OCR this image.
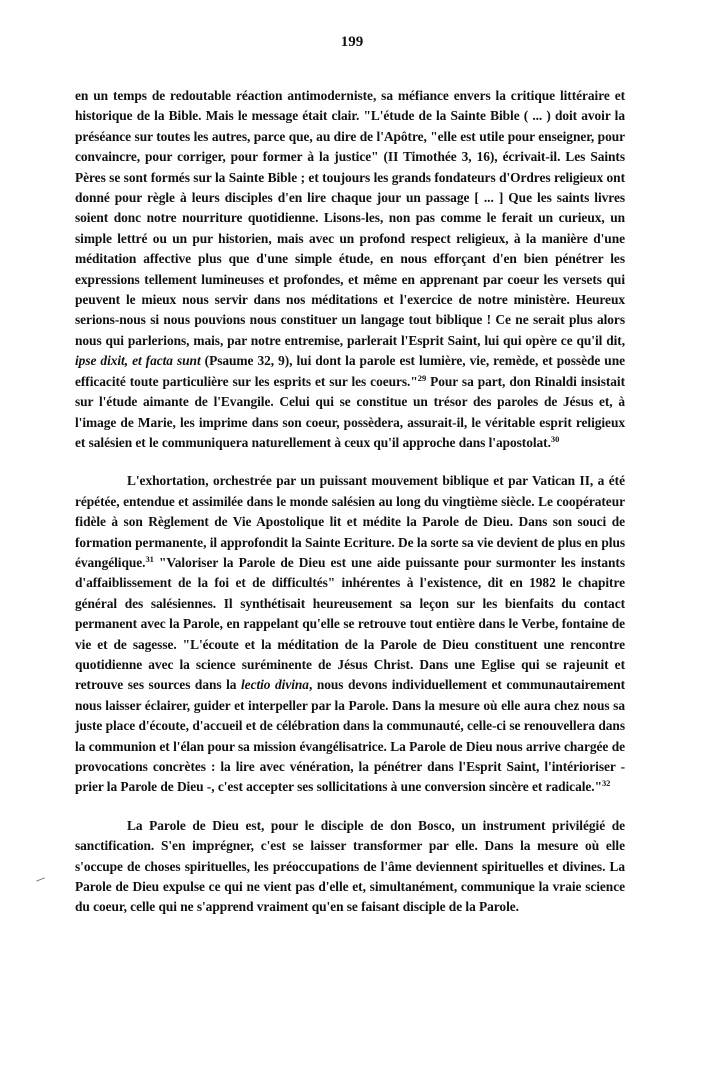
199

en un temps de redoutable réaction antimoderniste, sa méfiance envers la critique littéraire et historique de la Bible. Mais le message était clair. "L'étude de la Sainte Bible ( ... ) doit avoir la préséance sur toutes les autres, parce que, au dire de l'Apôtre, "elle est utile pour enseigner, pour convaincre, pour corriger, pour former à la justice" (II Timothée 3, 16), écrivait-il. Les Saints Pères se sont formés sur la Sainte Bible ; et toujours les grands fondateurs d'Ordres religieux ont donné pour règle à leurs disciples d'en lire chaque jour un passage [ ... ] Que les saints livres soient donc notre nourriture quotidienne. Lisons-les, non pas comme le ferait un curieux, un simple lettré ou un pur historien, mais avec un profond respect religieux, à la manière d'une méditation affective plus que d'une simple étude, en nous efforçant d'en bien pénétrer les expressions tellement lumineuses et profondes, et même en apprenant par coeur les versets qui peuvent le mieux nous servir dans nos méditations et l'exercice de notre ministère. Heureux serions-nous si nous pouvions nous constituer un langage tout biblique ! Ce ne serait plus alors nous qui parlerions, mais, par notre entremise, parlerait l'Esprit Saint, lui qui opère ce qu'il dit, ipse dixit, et facta sunt (Psaume 32, 9), lui dont la parole est lumière, vie, remède, et possède une efficacité toute particulière sur les esprits et sur les coeurs."$^{29}$ Pour sa part, don Rinaldi insistait sur l'étude aimante de l'Evangile. Celui qui se constitue un trésor des paroles de Jésus et, à l'image de Marie, les imprime dans son coeur, possèdera, assurait-il, le véritable esprit religieux et salésien et le communiquera naturellement à ceux qu'il approche dans l'apostolat.$^{30}$

L'exhortation, orchestrée par un puissant mouvement biblique et par Vatican II, a été répétée, entendue et assimilée dans le monde salésien au long du vingtième siècle. Le coopérateur fidèle à son Règlement de Vie Apostolique lit et médite la Parole de Dieu. Dans son souci de formation permanente, il approfondit la Sainte Ecriture. De la sorte sa vie devient de plus en plus évangélique.$^{31}$ "Valoriser la Parole de Dieu est une aide puissante pour surmonter les instants d'affaiblissement de la foi et de difficultés" inhérentes à l'existence, dit en 1982 le chapitre général des salésiennes. Il synthétisait heureusement sa leçon sur les bienfaits du contact permanent avec la Parole, en rappelant qu'elle se retrouve tout entière dans le Verbe, fontaine de vie et de sagesse. "L'écoute et la méditation de la Parole de Dieu constituent une rencontre quotidienne avec la science suréminente de Jésus Christ. Dans une Eglise qui se rajeunit et retrouve ses sources dans la lectio divina, nous devons individuellement et communautairement nous laisser éclairer, guider et interpeller par la Parole. Dans la mesure où elle aura chez nous sa juste place d'écoute, d'accueil et de célébration dans la communauté, celle-ci se renouvellera dans la communion et l'élan pour sa mission évangélisatrice. La Parole de Dieu nous arrive chargée de provocations concrètes : la lire avec vénération, la pénétrer dans l'Esprit Saint, l'intérioriser - prier la Parole de Dieu -, c'est accepter ses sollicitations à une conversion sincère et radicale."$^{32}$

La Parole de Dieu est, pour le disciple de don Bosco, un instrument privilégié de sanctification. S'en imprégner, c'est se laisser transformer par elle. Dans la mesure où elle s'occupe de choses spirituelles, les préoccupations de l'âme deviennent spirituelles et divines. La Parole de Dieu expulse ce qui ne vient pas d'elle et, simultanément, communique la vraie science du coeur, celle qui ne s'apprend vraiment qu'en se faisant disciple de la Parole.
